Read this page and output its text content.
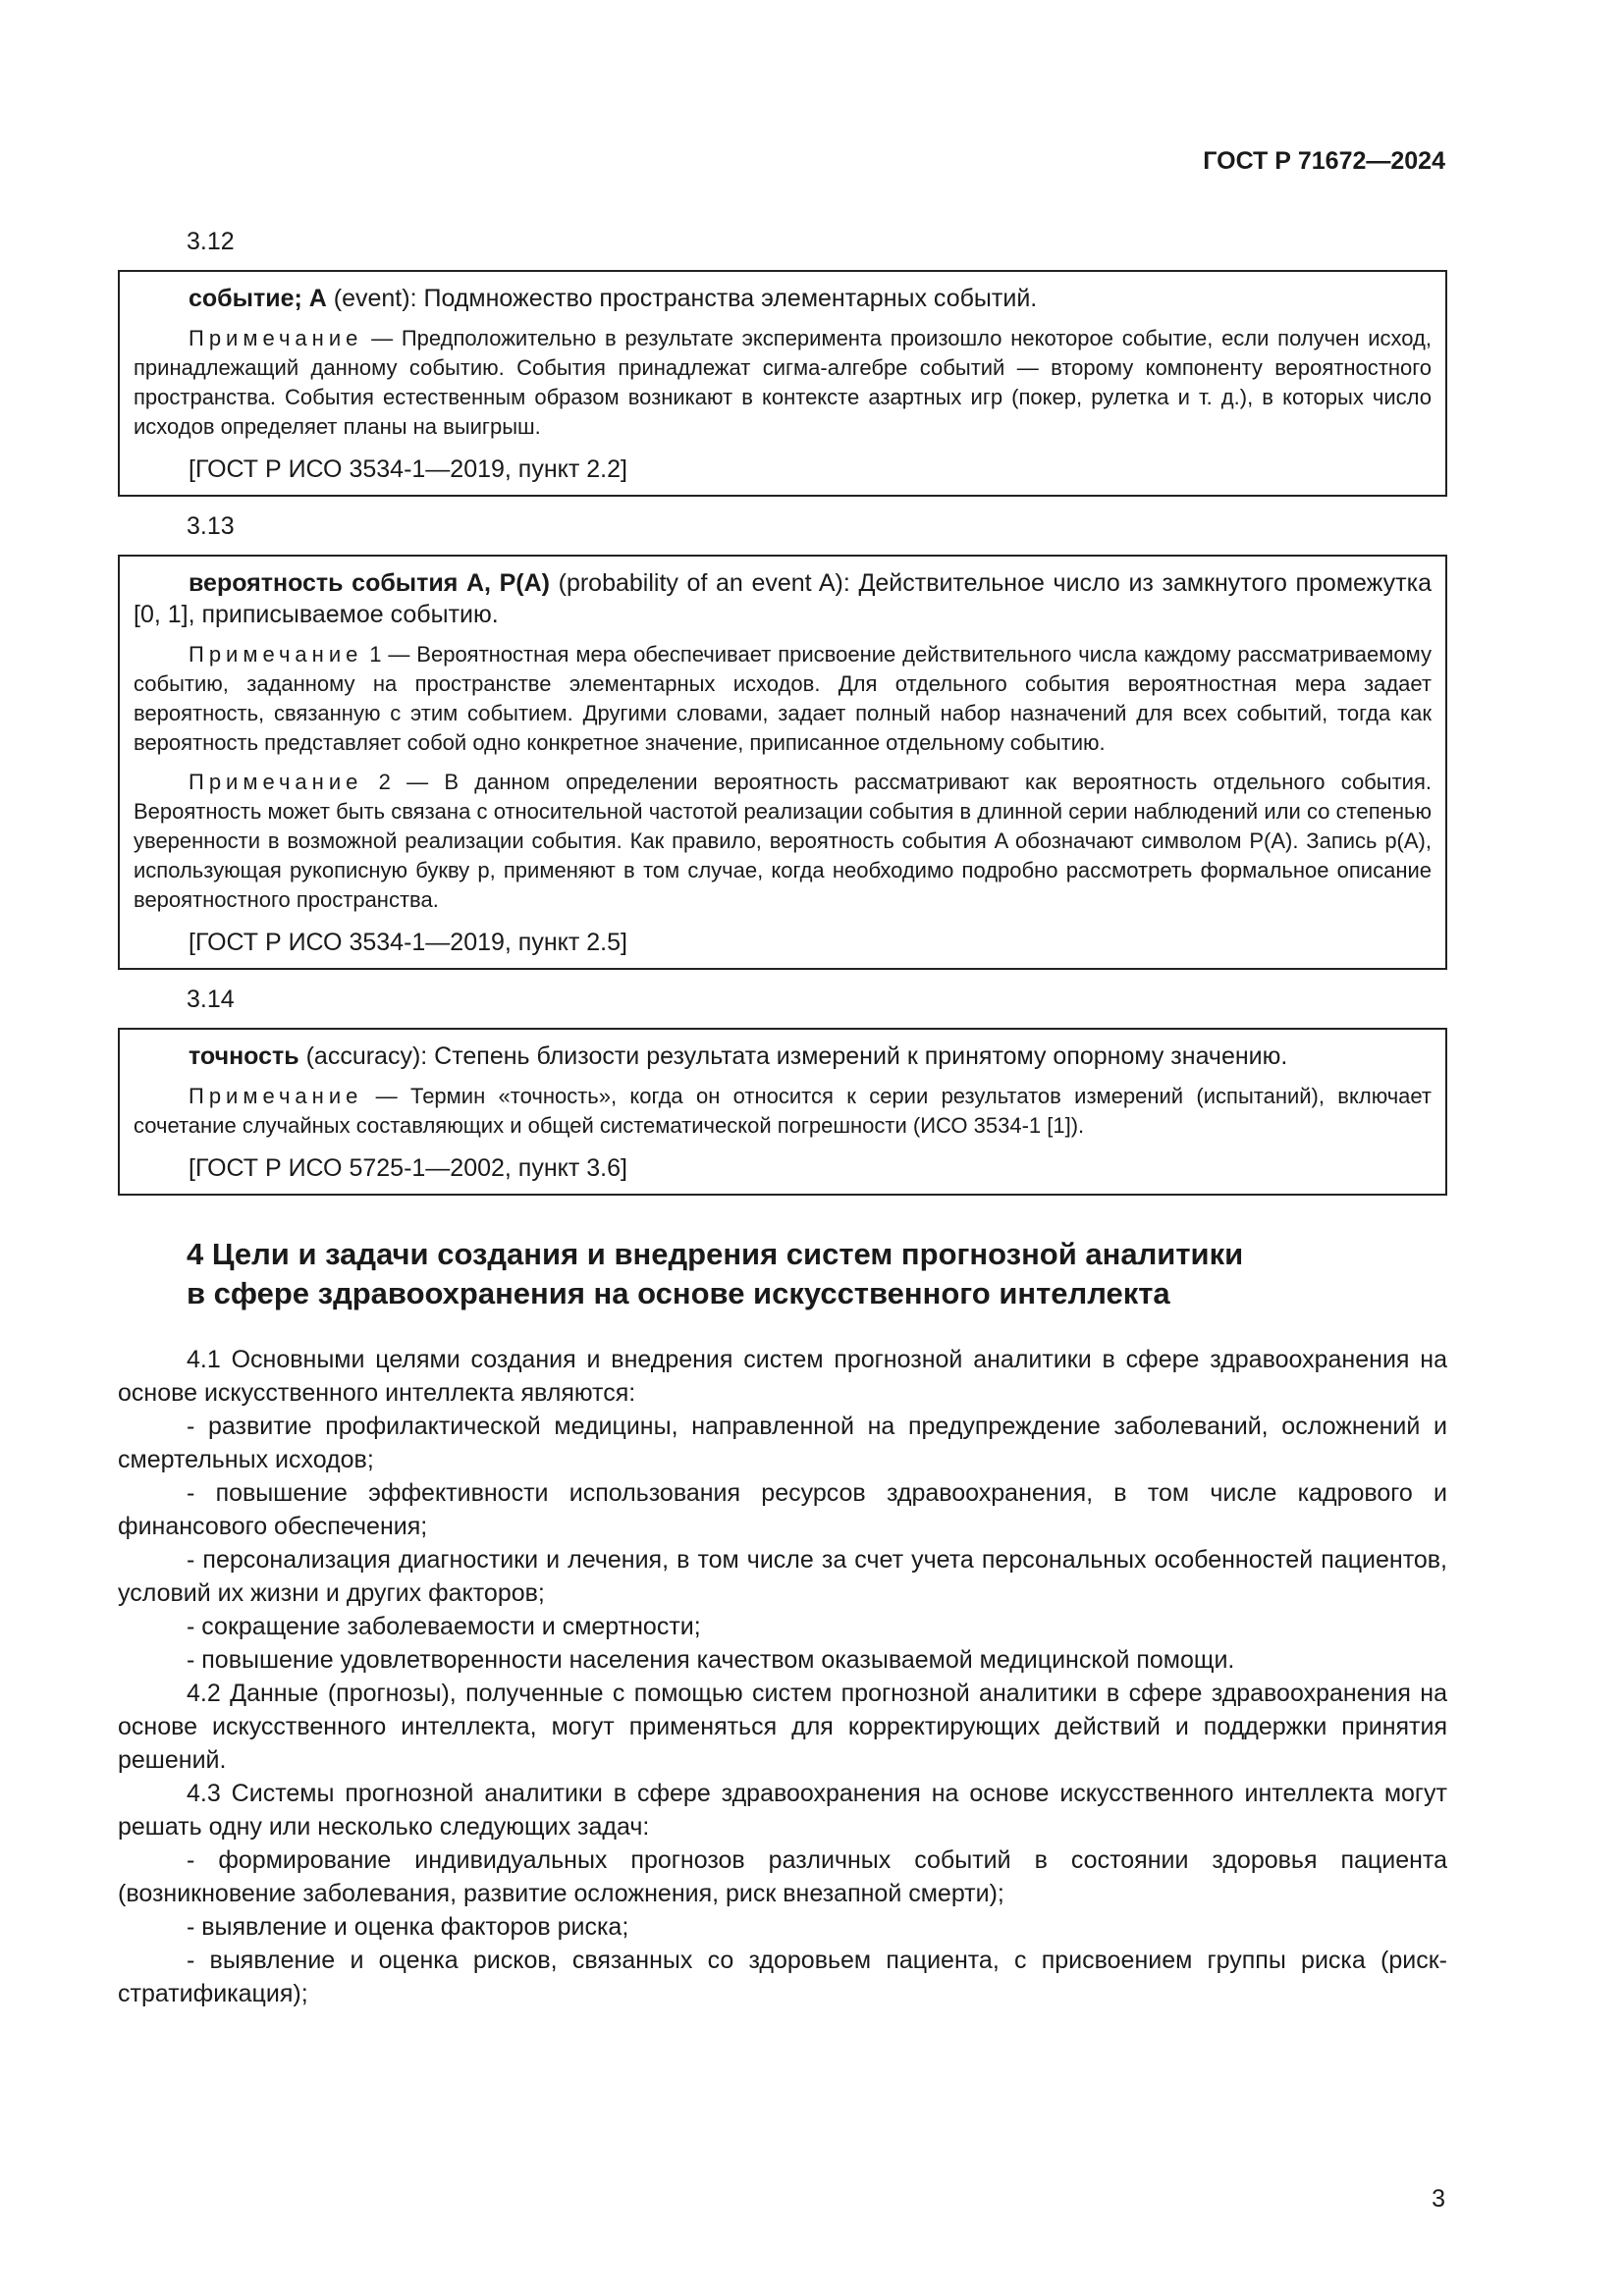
ГОСТ Р 71672—2024

3.12

событие; A (event): Подмножество пространства элементарных событий.

Примечание — Предположительно в результате эксперимента произошло некоторое событие, если получен исход, принадлежащий данному событию. События принадлежат сигма-алгебре событий — второму компоненту вероятностного пространства. События естественным образом возникают в контексте азартных игр (покер, рулетка и т. д.), в которых число исходов определяет планы на выигрыш.

[ГОСТ Р ИСО 3534-1—2019, пункт 2.2]

3.13

вероятность события A, P(A) (probability of an event A): Действительное число из замкнутого промежутка [0, 1], приписываемое событию.

Примечание 1 — Вероятностная мера обеспечивает присвоение действительного числа каждому рассматриваемому событию, заданному на пространстве элементарных исходов. Для отдельного события вероятностная мера задает вероятность, связанную с этим событием. Другими словами, задает полный набор назначений для всех событий, тогда как вероятность представляет собой одно конкретное значение, приписанное отдельному событию.

Примечание 2 — В данном определении вероятность рассматривают как вероятность отдельного события. Вероятность может быть связана с относительной частотой реализации события в длинной серии наблюдений или со степенью уверенности в возможной реализации события. Как правило, вероятность события A обозначают символом P(A). Запись p(A), использующая рукописную букву p, применяют в том случае, когда необходимо подробно рассмотреть формальное описание вероятностного пространства.

[ГОСТ Р ИСО 3534-1—2019, пункт 2.5]

3.14

точность (accuracy): Степень близости результата измерений к принятому опорному значению.

Примечание — Термин «точность», когда он относится к серии результатов измерений (испытаний), включает сочетание случайных составляющих и общей систематической погрешности (ИСО 3534-1 [1]).

[ГОСТ Р ИСО 5725-1—2002, пункт 3.6]

4 Цели и задачи создания и внедрения систем прогнозной аналитики
в сфере здравоохранения на основе искусственного интеллекта

4.1 Основными целями создания и внедрения систем прогнозной аналитики в сфере здравоохранения на основе искусственного интеллекта являются:

- развитие профилактической медицины, направленной на предупреждение заболеваний, осложнений и смертельных исходов;

- повышение эффективности использования ресурсов здравоохранения, в том числе кадрового и финансового обеспечения;

- персонализация диагностики и лечения, в том числе за счет учета персональных особенностей пациентов, условий их жизни и других факторов;

- сокращение заболеваемости и смертности;

- повышение удовлетворенности населения качеством оказываемой медицинской помощи.

4.2 Данные (прогнозы), полученные с помощью систем прогнозной аналитики в сфере здравоохранения на основе искусственного интеллекта, могут применяться для корректирующих действий и поддержки принятия решений.

4.3 Системы прогнозной аналитики в сфере здравоохранения на основе искусственного интеллекта могут решать одну или несколько следующих задач:

- формирование индивидуальных прогнозов различных событий в состоянии здоровья пациента (возникновение заболевания, развитие осложнения, риск внезапной смерти);

- выявление и оценка факторов риска;

- выявление и оценка рисков, связанных со здоровьем пациента, с присвоением группы риска (риск-стратификация);

3
